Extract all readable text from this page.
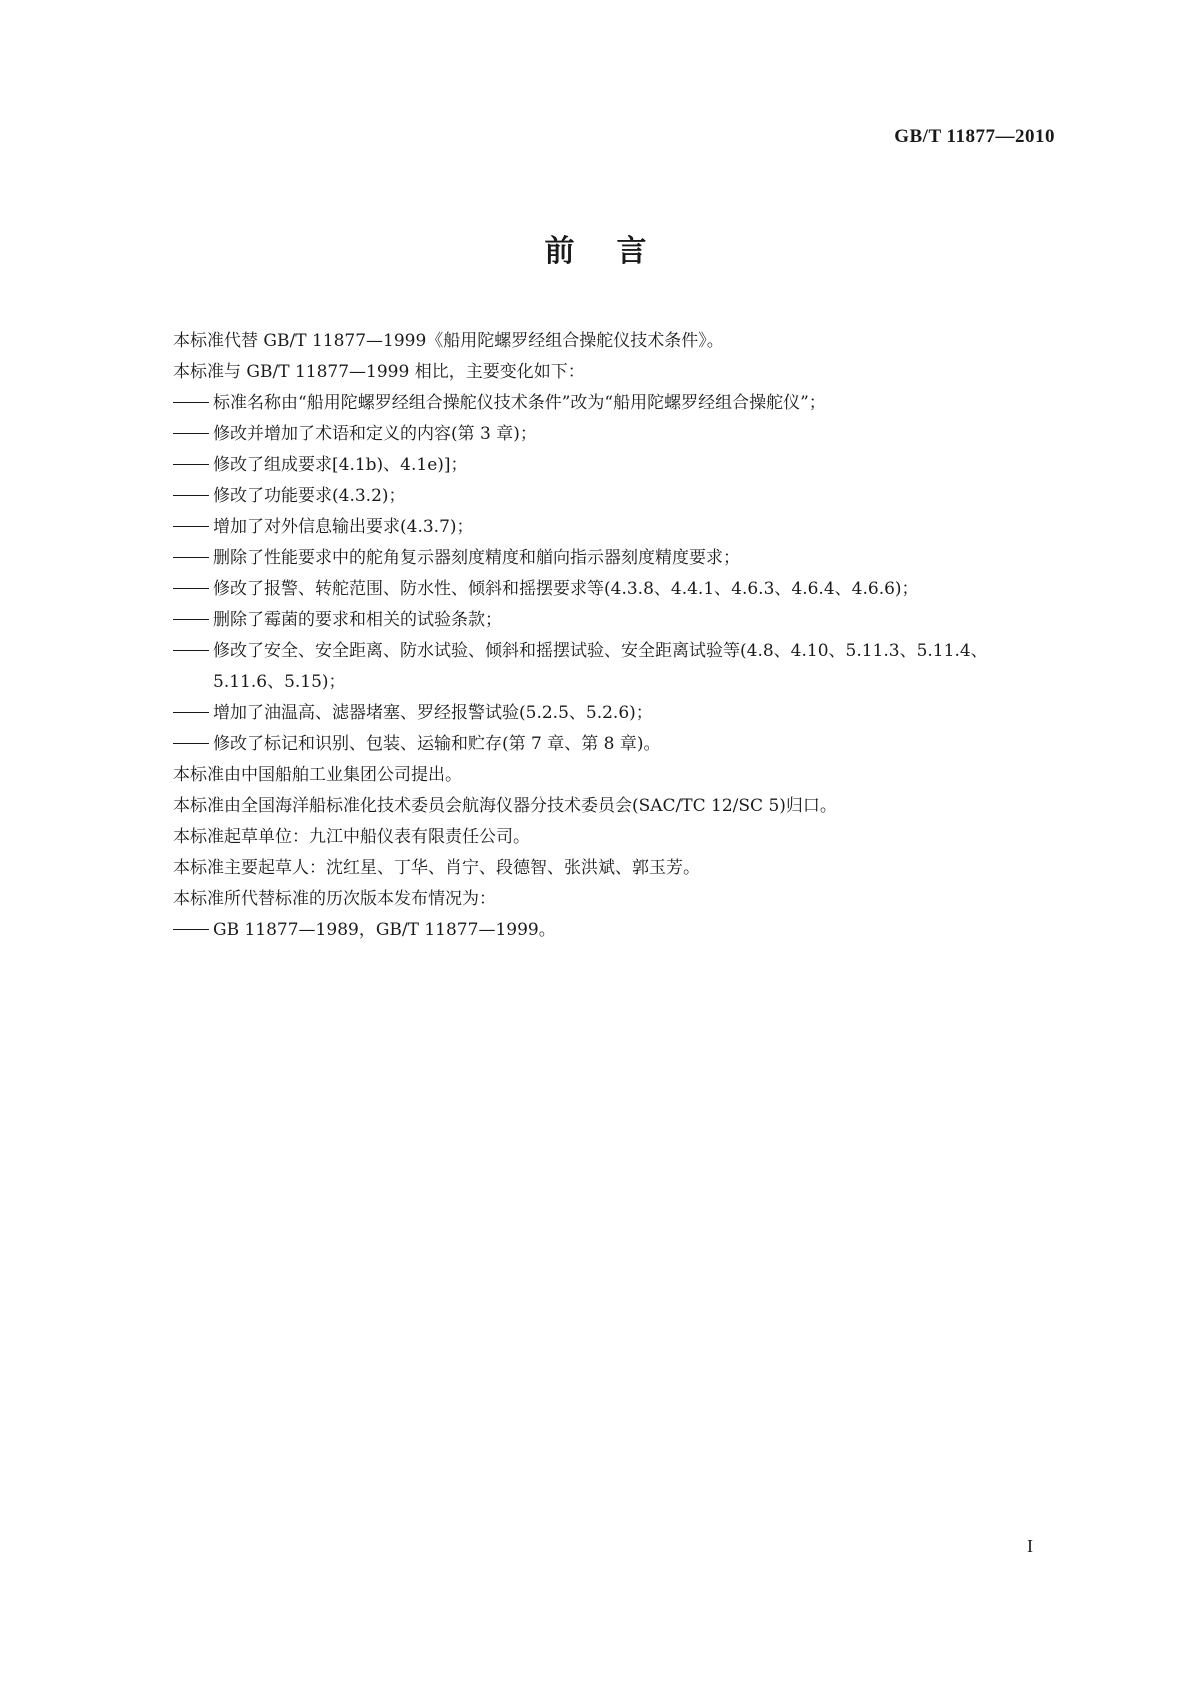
GB/T 11877—2010
前言
本标准代替 GB/T 11877—1999《船用陀螺罗经组合操舵仪技术条件》。
本标准与 GB/T 11877—1999 相比，主要变化如下：
标准名称由“船用陀螺罗经组合操舵仪技术条件”改为“船用陀螺罗经组合操舵仪”；
修改并增加了术语和定义的内容(第 3 章)；
修改了组成要求[4.1b)、4.1e)]；
修改了功能要求(4.3.2)；
增加了对外信息输出要求(4.3.7)；
删除了性能要求中的舵角复示器刻度精度和艏向指示器刻度精度要求；
修改了报警、转舵范围、防水性、倾斜和摇摆要求等(4.3.8、4.4.1、4.6.3、4.6.4、4.6.6)；
删除了霉菌的要求和相关的试验条款；
修改了安全、安全距离、防水试验、倾斜和摇摆试验、安全距离试验等(4.8、4.10、5.11.3、5.11.4、
5.11.6、5.15)；
增加了油温高、滤器堵塞、罗经报警试验(5.2.5、5.2.6)；
修改了标记和识别、包装、运输和贮存(第 7 章、第 8 章)。
本标准由中国船舶工业集团公司提出。
本标准由全国海洋船标准化技术委员会航海仪器分技术委员会(SAC/TC 12/SC 5)归口。
本标准起草单位：九江中船仪表有限责任公司。
本标准主要起草人：沈红星、丁华、肖宁、段德智、张洪斌、郭玉芳。
本标准所代替标准的历次版本发布情况为：
GB 11877—1989，GB/T 11877—1999。
I
